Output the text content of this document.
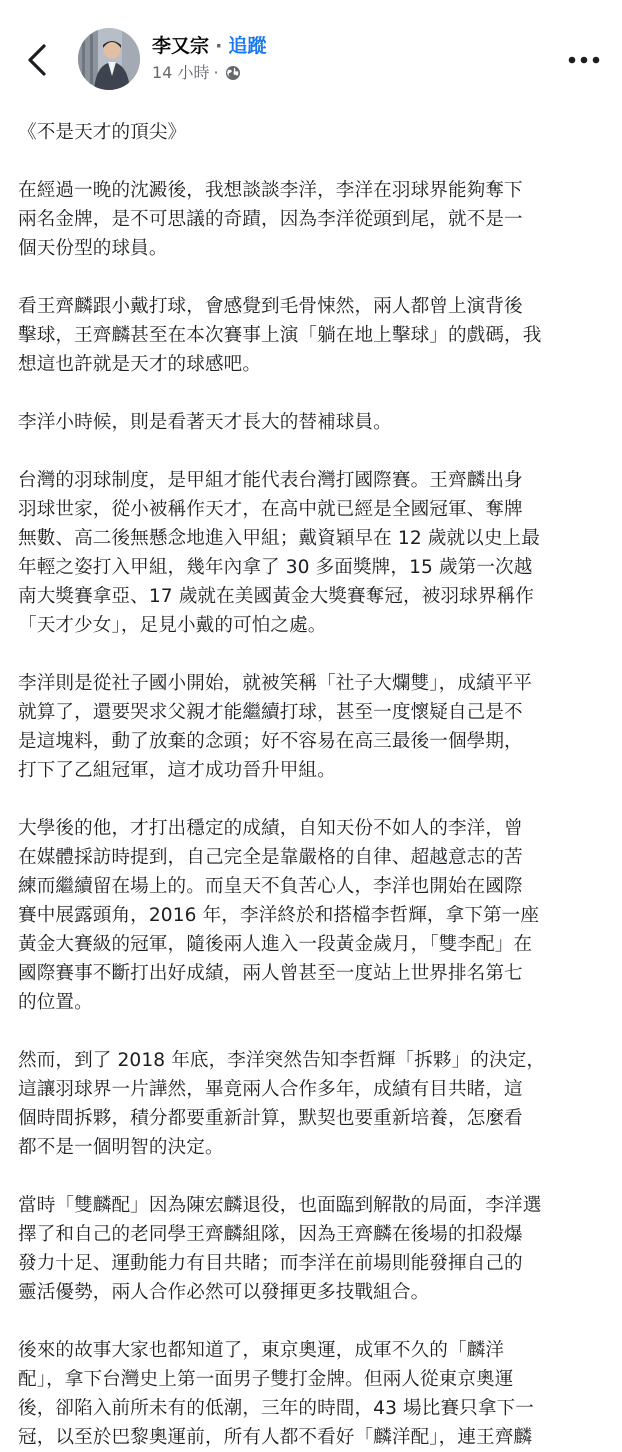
李又宗 · 追蹤
14 小時 ·

《不是天才的頂尖》

在經過一晚的沈澱後，我想談談李洋，李洋在羽球界能夠奪下
兩名金牌，是不可思議的奇蹟，因為李洋從頭到尾，就不是一
個天份型的球員。

看王齊麟跟小戴打球，會感覺到毛骨悚然，兩人都曾上演背後
擊球，王齊麟甚至在本次賽事上演「躺在地上擊球」的戲碼，我
想這也許就是天才的球感吧。

李洋小時候，則是看著天才長大的替補球員。

台灣的羽球制度，是甲組才能代表台灣打國際賽。王齊麟出身
羽球世家，從小被稱作天才，在高中就已經是全國冠軍、奪牌
無數、高二後無懸念地進入甲組；戴資穎早在 12 歲就以史上最
年輕之姿打入甲組，幾年內拿了 30 多面獎牌，15 歲第一次越
南大獎賽拿亞、17 歲就在美國黃金大獎賽奪冠，被羽球界稱作
「天才少女」，足見小戴的可怕之處。

李洋則是從社子國小開始，就被笑稱「社子大爛雙」，成績平平
就算了，還要哭求父親才能繼續打球，甚至一度懷疑自己是不
是這塊料，動了放棄的念頭；好不容易在高三最後一個學期，
打下了乙組冠軍，這才成功晉升甲組。

大學後的他，才打出穩定的成績，自知天份不如人的李洋，曾
在媒體採訪時提到，自己完全是靠嚴格的自律、超越意志的苦
練而繼續留在場上的。而皇天不負苦心人，李洋也開始在國際
賽中展露頭角，2016 年，李洋終於和搭檔李哲輝，拿下第一座
黃金大賽級的冠軍，隨後兩人進入一段黃金歲月，「雙李配」在
國際賽事不斷打出好成績，兩人曾甚至一度站上世界排名第七
的位置。

然而，到了 2018 年底，李洋突然告知李哲輝「拆夥」的決定，
這讓羽球界一片譁然，畢竟兩人合作多年，成績有目共睹，這
個時間拆夥，積分都要重新計算，默契也要重新培養，怎麼看
都不是一個明智的決定。

當時「雙麟配」因為陳宏麟退役，也面臨到解散的局面，李洋選
擇了和自己的老同學王齊麟組隊，因為王齊麟在後場的扣殺爆
發力十足、運動能力有目共睹；而李洋在前場則能發揮自己的
靈活優勢，兩人合作必然可以發揮更多技戰組合。

後來的故事大家也都知道了，東京奧運，成軍不久的「麟洋
配」，拿下台灣史上第一面男子雙打金牌。但兩人從東京奧運
後，卻陷入前所未有的低潮，三年的時間，43 場比賽只拿下一
冠，以至於巴黎奧運前，所有人都不看好「麟洋配」，連王齊麟
